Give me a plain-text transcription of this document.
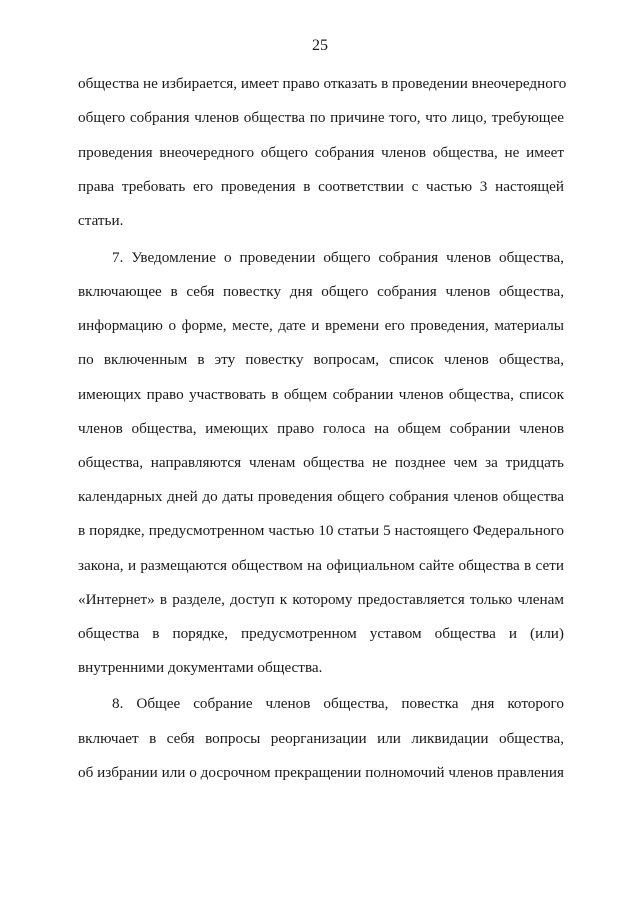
25
общества не избирается, имеет право отказать в проведении внеочередного
общего собрания членов общества по причине того, что лицо, требующее
проведения внеочередного общего собрания членов общества, не имеет
права требовать его проведения в соответствии с частью 3 настоящей
статьи.
7. Уведомление о проведении общего собрания членов общества,
включающее в себя повестку дня общего собрания членов общества,
информацию о форме, месте, дате и времени его проведения, материалы
по включенным в эту повестку вопросам, список членов общества,
имеющих право участвовать в общем собрании членов общества, список
членов общества, имеющих право голоса на общем собрании членов
общества, направляются членам общества не позднее чем за тридцать
календарных дней до даты проведения общего собрания членов общества
в порядке, предусмотренном частью 10 статьи 5 настоящего Федерального
закона, и размещаются обществом на официальном сайте общества в сети
«Интернет» в разделе, доступ к которому предоставляется только членам
общества в порядке, предусмотренном уставом общества и (или)
внутренними документами общества.
8. Общее собрание членов общества, повестка дня которого
включает в себя вопросы реорганизации или ликвидации общества,
об избрании или о досрочном прекращении полномочий членов правления
